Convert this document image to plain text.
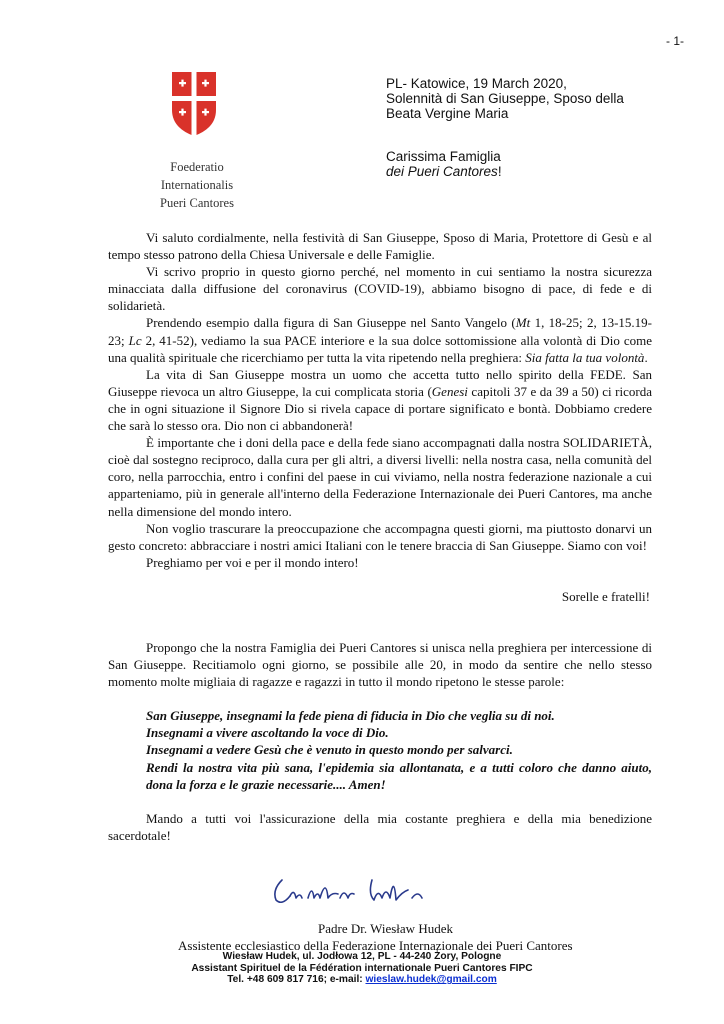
- 1-
Foederatio Internationalis
Pueri Cantores
PL- Katowice, 19 March 2020,
Solennità di San Giuseppe, Sposo della
Beata Vergine Maria
Carissima Famiglia
dei Pueri Cantores!

Vi saluto cordialmente, nella festività di San Giuseppe, Sposo di Maria, Protettore di Gesù e al tempo stesso patrono della Chiesa Universale e delle Famiglie.

Vi scrivo proprio in questo giorno perché, nel momento in cui sentiamo la nostra sicurezza minacciata dalla diffusione del coronavirus (COVID-19), abbiamo bisogno di pace, di fede e di solidarietà.

Prendendo esempio dalla figura di San Giuseppe nel Santo Vangelo (Mt 1, 18-25; 2, 13-15.19-23; Lc 2, 41-52), vediamo la sua PACE interiore e la sua dolce sottomissione alla volontà di Dio come una qualità spirituale che ricerchiamo per tutta la vita ripetendo nella preghiera: Sia fatta la tua volontà.

La vita di San Giuseppe mostra un uomo che accetta tutto nello spirito della FEDE. San Giuseppe rievoca un altro Giuseppe, la cui complicata storia (Genesi capitoli 37 e da 39 a 50) ci ricorda che in ogni situazione il Signore Dio si rivela capace di portare significato e bontà. Dobbiamo credere che sarà lo stesso ora. Dio non ci abbandonerà!

È importante che i doni della pace e della fede siano accompagnati dalla nostra SOLIDARIETÀ, cioè dal sostegno reciproco, dalla cura per gli altri, a diversi livelli: nella nostra casa, nella comunità del coro, nella parrocchia, entro i confini del paese in cui viviamo, nella nostra federazione nazionale a cui apparteniamo, più in generale all'interno della Federazione Internazionale dei Pueri Cantores, ma anche nella dimensione del mondo intero.

Non voglio trascurare la preoccupazione che accompagna questi giorni, ma piuttosto donarvi un gesto concreto: abbracciare i nostri amici Italiani con le tenere braccia di San Giuseppe. Siamo con voi!

Preghiamo per voi e per il mondo intero!

Sorelle e fratelli!

Propongo che la nostra Famiglia dei Pueri Cantores si unisca nella preghiera per intercessione di San Giuseppe. Recitiamolo ogni giorno, se possibile alle 20, in modo da sentire che nello stesso momento molte migliaia di ragazze e ragazzi in tutto il mondo ripetono le stesse parole:

San Giuseppe, insegnami la fede piena di fiducia in Dio che veglia su di noi.

Insegnami a vivere ascoltando la voce di Dio.

Insegnami a vedere Gesù che è venuto in questo mondo per salvarci.

Rendi la nostra vita più sana, l'epidemia sia allontanata, e a tutti coloro che danno aiuto, dona la forza e le grazie necessarie.... Amen!

Mando a tutti voi l'assicurazione della mia costante preghiera e della mia benedizione sacerdotale!

Padre Dr. Wiesław Hudek
Assistente ecclesiastico della Federazione Internazionale dei Pueri Cantores
Wiesław Hudek, ul. Jodłowa 12, PL - 44-240 Żory, Pologne
Assistant Spirituel de la Fédération internationale Pueri Cantores FIPC
Tel. +48 609 817 716; e-mail: wieslaw.hudek@gmail.com
